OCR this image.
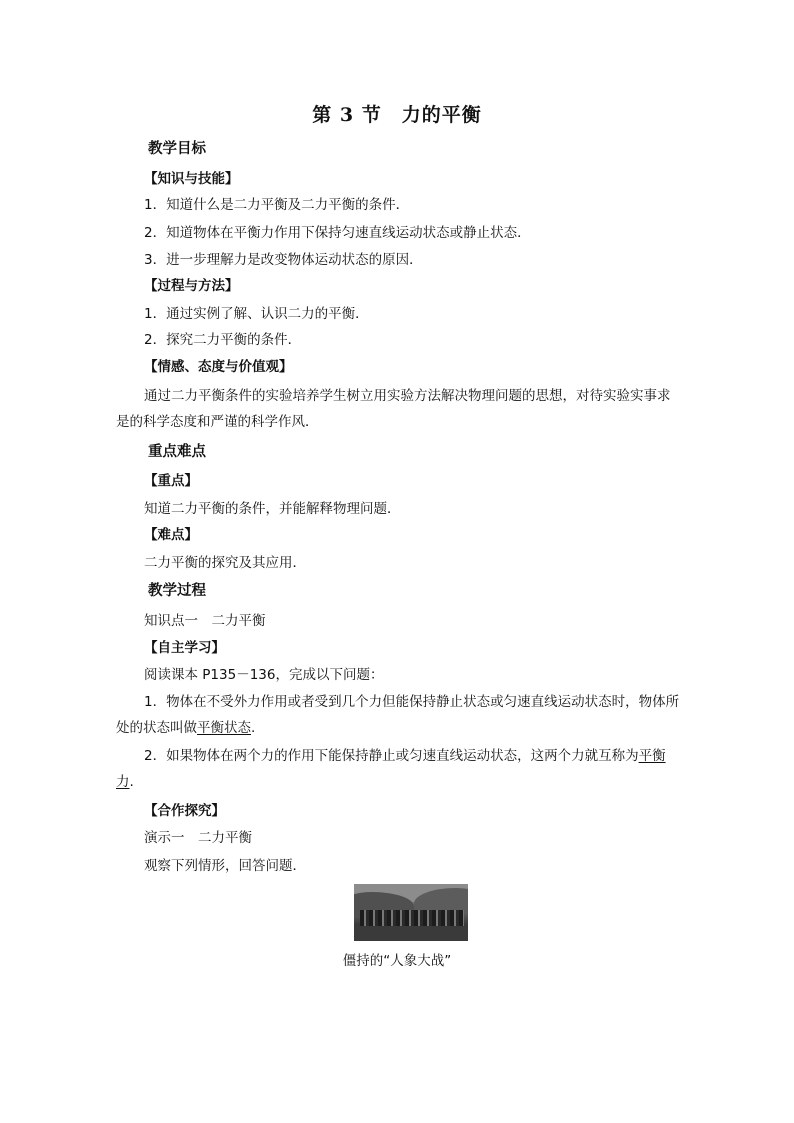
第 3 节　力的平衡
教学目标
【知识与技能】
1．知道什么是二力平衡及二力平衡的条件．
2．知道物体在平衡力作用下保持匀速直线运动状态或静止状态．
3．进一步理解力是改变物体运动状态的原因．
【过程与方法】
1．通过实例了解、认识二力的平衡．
2．探究二力平衡的条件．
【情感、态度与价值观】
通过二力平衡条件的实验培养学生树立用实验方法解决物理问题的思想，对待实验实事求是的科学态度和严谨的科学作风．
重点难点
【重点】
知道二力平衡的条件，并能解释物理问题．
【难点】
二力平衡的探究及其应用．
教学过程
知识点一　二力平衡
【自主学习】
阅读课本 P135－136，完成以下问题：
1．物体在不受外力作用或者受到几个力但能保持静止状态或匀速直线运动状态时，物体所处的状态叫做平衡状态.
2．如果物体在两个力的作用下能保持静止或匀速直线运动状态，这两个力就互称为平衡力.
【合作探究】
演示一　二力平衡
观察下列情形，回答问题．
僵持的“人象大战”
